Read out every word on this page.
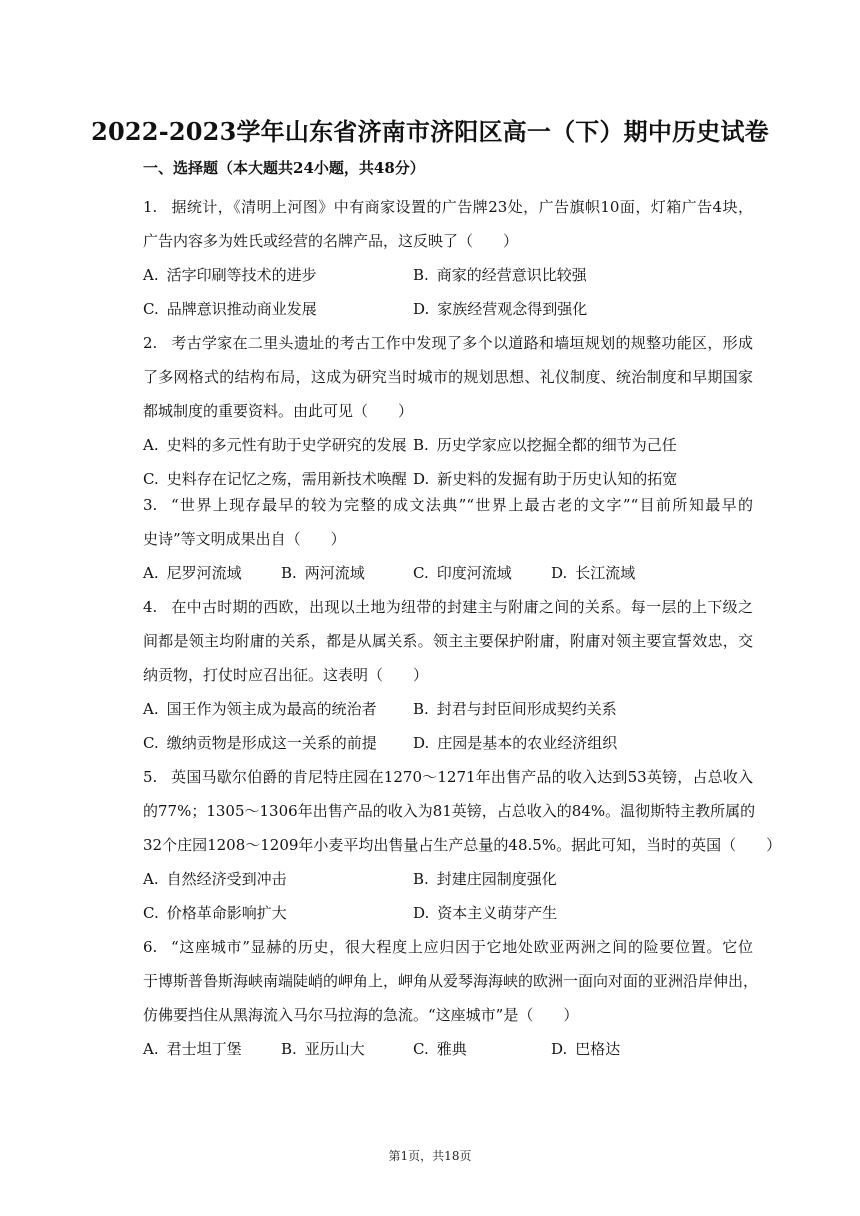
2022-2023学年山东省济南市济阳区高一（下）期中历史试卷
一、选择题（本大题共24小题，共48分）
1. 据统计，《清明上河图》中有商家设置的广告牌23处，广告旗帜10面，灯箱广告4块，
广告内容多为姓氏或经营的名牌产品，这反映了（　　）
A. 活字印刷等技术的进步	B. 商家的经营意识比较强
C. 品牌意识推动商业发展	D. 家族经营观念得到强化
2. 考古学家在二里头遗址的考古工作中发现了多个以道路和墙垣规划的规整功能区，形成
了多网格式的结构布局，这成为研究当时城市的规划思想、礼仪制度、统治制度和早期国家
都城制度的重要资料。由此可见（　　）
A. 史料的多元性有助于史学研究的发展 B. 历史学家应以挖掘全都的细节为己任
C. 史料存在记忆之殇，需用新技术唤醒 D. 新史料的发掘有助于历史认知的拓宽
3. “世界上现存最早的较为完整的成文法典”“世界上最古老的文字”“目前所知最早的
史诗”等文明成果出自（　　）
A. 尼罗河流域	B. 两河流域	C. 印度河流域	D. 长江流域
4. 在中古时期的西欧，出现以土地为纽带的封建主与附庸之间的关系。每一层的上下级之
间都是领主均附庸的关系，都是从属关系。领主主要保护附庸，附庸对领主要宣誓效忠，交
纳贡物，打仗时应召出征。这表明（　　）
A. 国王作为领主成为最高的统治者 B. 封君与封臣间形成契约关系
C. 缴纳贡物是形成这一关系的前提 D. 庄园是基本的农业经济组织
5. 英国马歇尔伯爵的肯尼特庄园在1270～1271年出售产品的收入达到53英镑，占总收入
的77%；1305～1306年出售产品的收入为81英镑，占总收入的84%。温彻斯特主教所属的
32个庄园1208～1209年小麦平均出售量占生产总量的48.5%。据此可知，当时的英国（　　）
A. 自然经济受到冲击	B. 封建庄园制度强化
C. 价格革命影响扩大	D. 资本主义萌芽产生
6. “这座城市”显赫的历史，很大程度上应归因于它地处欧亚两洲之间的险要位置。它位
于博斯普鲁斯海峡南端陡峭的岬角上，岬角从爱琴海海峡的欧洲一面向对面的亚洲沿岸伸出，
仿佛要挡住从黑海流入马尔马拉海的急流。“这座城市”是（　　）
A. 君士坦丁堡	B. 亚历山大	C. 雅典	D. 巴格达
第1页，共18页
